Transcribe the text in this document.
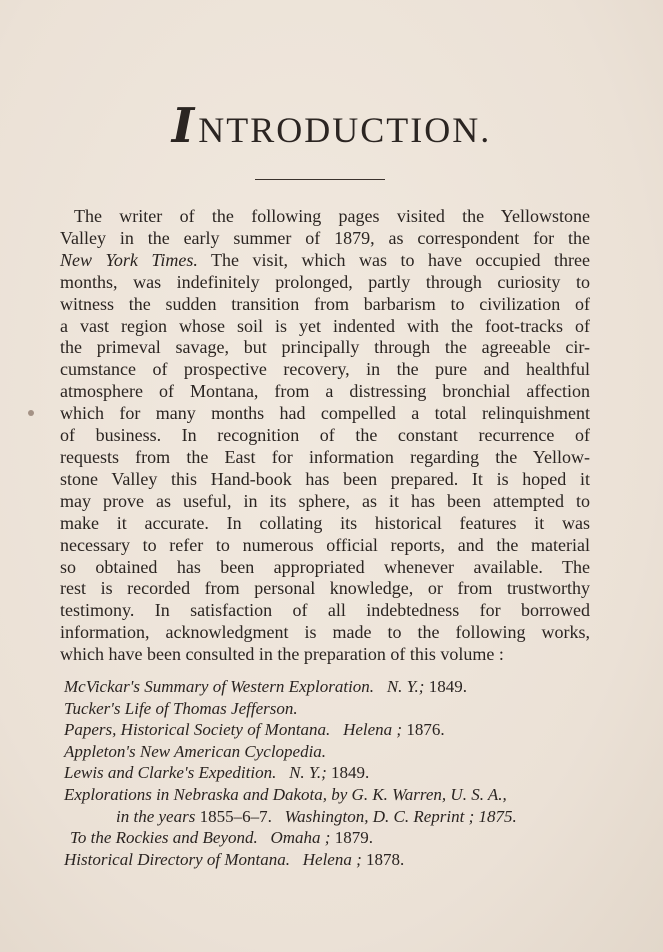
INTRODUCTION.
The writer of the following pages visited the Yellowstone
Valley in the early summer of 1879, as correspondent for the
New York Times. The visit, which was to have occupied three
months, was indefinitely prolonged, partly through curiosity to
witness the sudden transition from barbarism to civilization of
a vast region whose soil is yet indented with the foot-tracks of
the primeval savage, but principally through the agreeable cir-
cumstance of prospective recovery, in the pure and healthful
atmosphere of Montana, from a distressing bronchial affection
which for many months had compelled a total relinquishment
of business. In recognition of the constant recurrence of
requests from the East for information regarding the Yellow-
stone Valley this Hand-book has been prepared. It is hoped it
may prove as useful, in its sphere, as it has been attempted to
make it accurate. In collating its historical features it was
necessary to refer to numerous official reports, and the material
so obtained has been appropriated whenever available. The
rest is recorded from personal knowledge, or from trustworthy
testimony. In satisfaction of all indebtedness for borrowed
information, acknowledgment is made to the following works,
which have been consulted in the preparation of this volume :
McVickar's Summary of Western Exploration. N. Y.; 1849.
Tucker's Life of Thomas Jefferson.
Papers, Historical Society of Montana. Helena ; 1876.
Appleton's New American Cyclopedia.
Lewis and Clarke's Expedition. N. Y.; 1849.
Explorations in Nebraska and Dakota, by G. K. Warren, U. S. A.,
in the years 1855–6–7. Washington, D. C. Reprint ; 1875.
To the Rockies and Beyond. Omaha ; 1879.
Historical Directory of Montana. Helena ; 1878.
